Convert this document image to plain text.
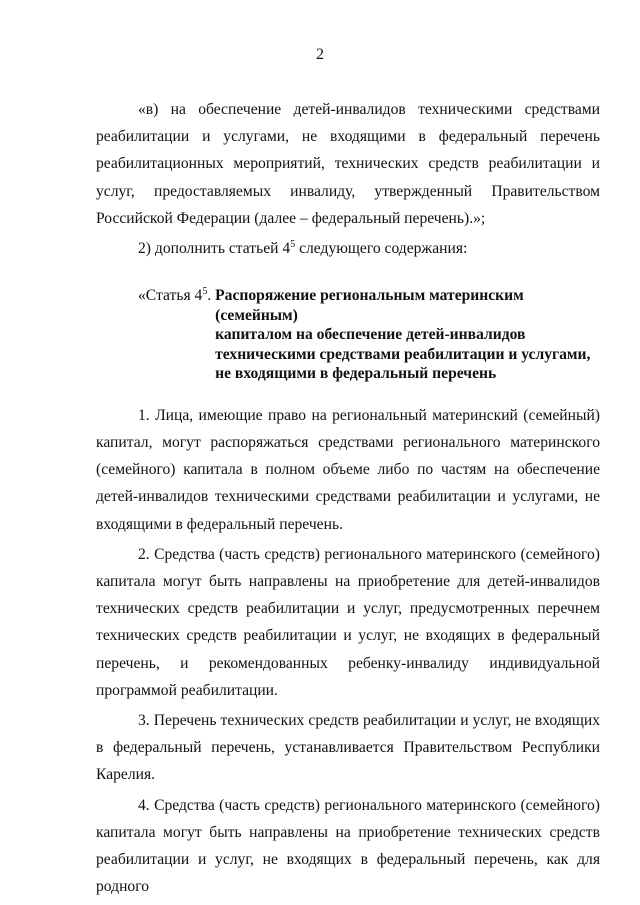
2

«в) на обеспечение детей-инвалидов техническими средствами реабилитации и услугами, не входящими в федеральный перечень реабилитационных мероприятий, технических средств реабилитации и услуг, предоставляемых инвалиду, утвержденный Правительством Российской Федерации (далее – федеральный перечень).»;

2) дополнить статьей $4^5$ следующего содержания:

«Статья $4^5$. Распоряжение региональным материнским (семейным)
капиталом на обеспечение детей-инвалидов
техническими средствами реабилитации и услугами,
не входящими в федеральный перечень

1. Лица, имеющие право на региональный материнский (семейный) капитал, могут распоряжаться средствами регионального материнского (семейного) капитала в полном объеме либо по частям на обеспечение детей-инвалидов техническими средствами реабилитации и услугами, не входящими в федеральный перечень.

2. Средства (часть средств) регионального материнского (семейного) капитала могут быть направлены на приобретение для детей-инвалидов технических средств реабилитации и услуг, предусмотренных перечнем технических средств реабилитации и услуг, не входящих в федеральный перечень, и рекомендованных ребенку-инвалиду индивидуальной программой реабилитации.

3. Перечень технических средств реабилитации и услуг, не входящих в федеральный перечень, устанавливается Правительством Республики Карелия.

4. Средства (часть средств) регионального материнского (семейного) капитала могут быть направлены на приобретение технических средств реабилитации и услуг, не входящих в федеральный перечень, как для родного
